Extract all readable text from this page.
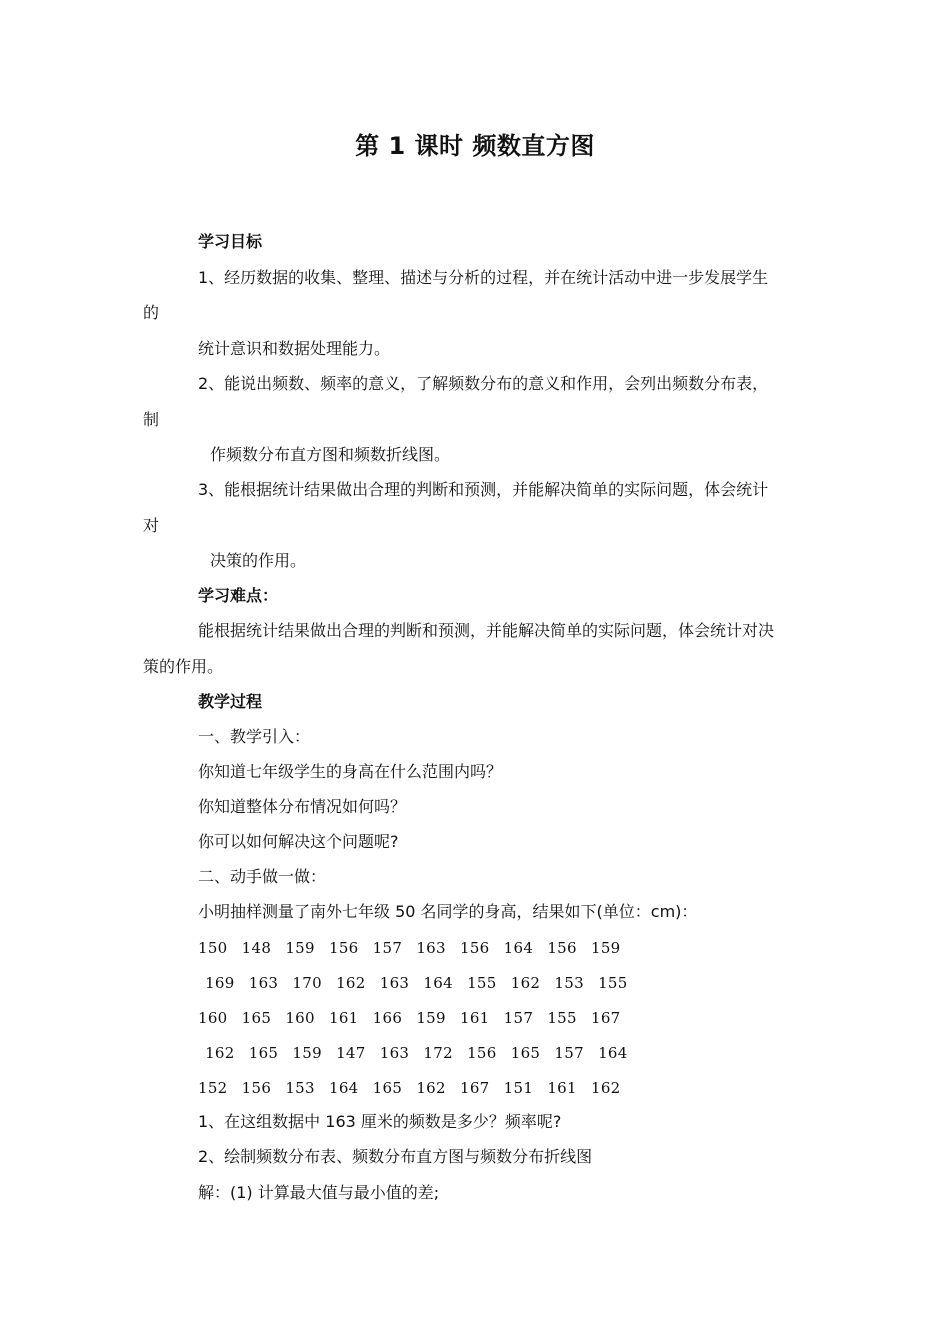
第 1 课时 频数直方图
学习目标
1、经历数据的收集、整理、描述与分析的过程，并在统计活动中进一步发展学生
的
统计意识和数据处理能力。
2、能说出频数、频率的意义，了解频数分布的意义和作用，会列出频数分布表，
制
作频数分布直方图和频数折线图。
3、能根据统计结果做出合理的判断和预测，并能解决简单的实际问题，体会统计
对
决策的作用。
学习难点：
能根据统计结果做出合理的判断和预测，并能解决简单的实际问题，体会统计对决
策的作用。
教学过程
一、教学引入：
你知道七年级学生的身高在什么范围内吗？
你知道整体分布情况如何吗？
你可以如何解决这个问题呢?
二、动手做一做：
小明抽样测量了南外七年级 50 名同学的身高，结果如下(单位：cm)：
150  148  159  156  157  163  156  164  156  159
169  163  170  162  163  164  155  162  153  155
160  165  160  161  166  159  161  157  155  167
162  165  159  147  163  172  156  165  157  164
152  156  153  164  165  162  167  151  161  162
1、在这组数据中 163 厘米的频数是多少？频率呢?
2、绘制频数分布表、频数分布直方图与频数分布折线图
解：(1) 计算最大值与最小值的差;
